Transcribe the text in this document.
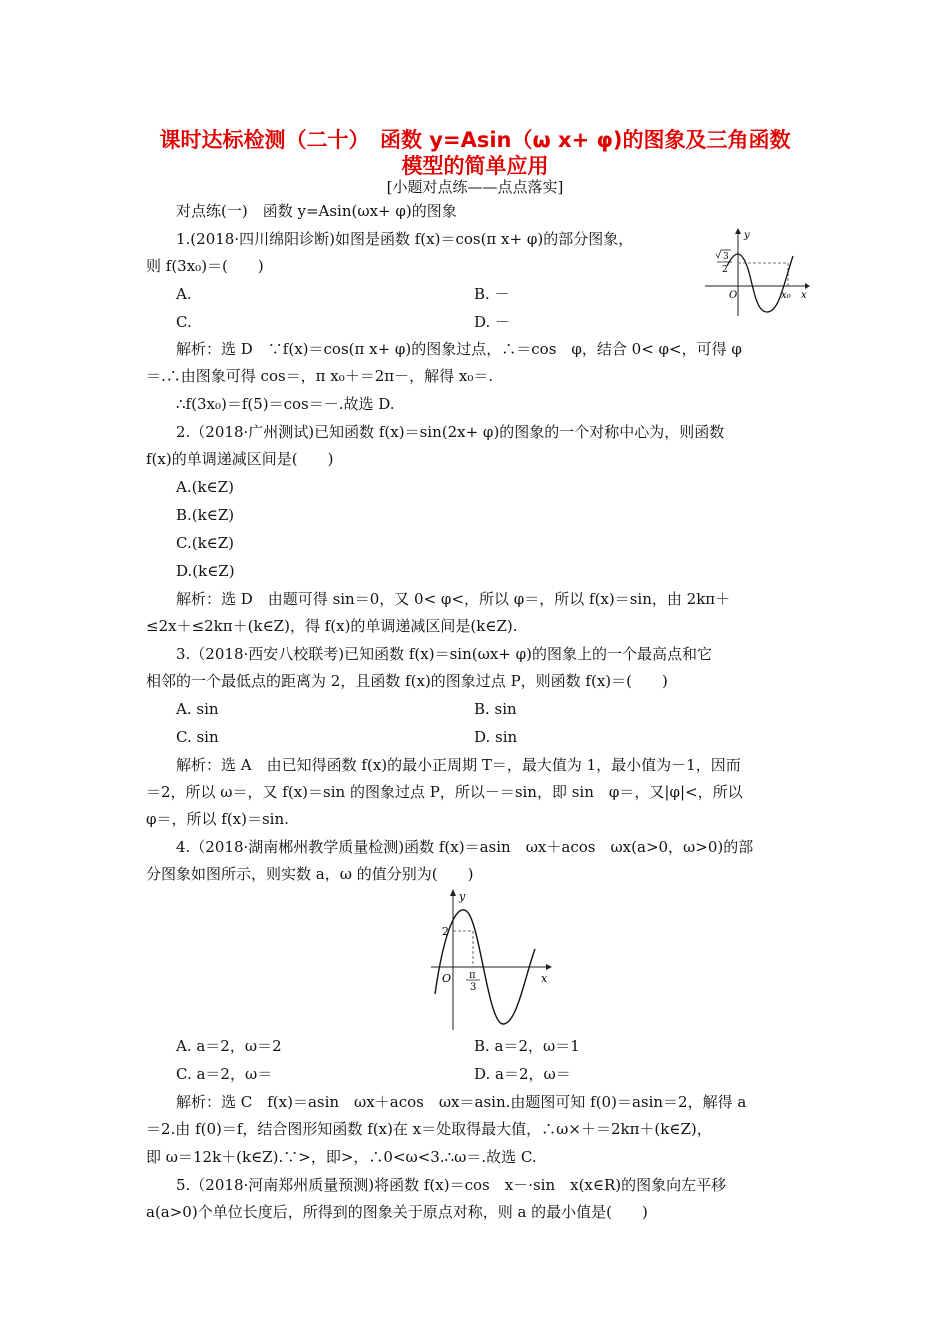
课时达标检测（二十）　函数 y=Asin（ω x+ φ)的图象及三角函数
模型的简单应用
[小题对点练——点点落实]
对点练(一)　函数 y=Asin(ωx+ φ)的图象
1.(2018·四川绵阳诊断)如图是函数 f(x)＝cos(π x+ φ)的部分图象，
则 f(3x₀)＝(　　)
A.	B. －
C.	D. －
y
x
O
3
2
x₀
解析：选 D　∵f(x)＝cos(π x+ φ)的图象过点，∴＝cos　φ，结合 0< φ<，可得 φ
＝.∴由图象可得 cos＝，π x₀＋＝2π－，解得 x₀＝.
∴f(3x₀)＝f(5)＝cos＝－.故选 D.
2.（2018·广州测试)已知函数 f(x)＝sin(2x+ φ)的图象的一个对称中心为，则函数
f(x)的单调递减区间是(　　)
A.(k∈Z)
B.(k∈Z)
C.(k∈Z)
D.(k∈Z)
解析：选 D　由题可得 sin＝0，又 0< φ<，所以 φ＝，所以 f(x)＝sin，由 2kπ＋
≤2x＋≤2kπ＋(k∈Z)，得 f(x)的单调递减区间是(k∈Z).
3.（2018·西安八校联考)已知函数 f(x)＝sin(ωx+ φ)的图象上的一个最高点和它
相邻的一个最低点的距离为 2，且函数 f(x)的图象过点 P，则函数 f(x)＝(　　)
A. sin	B. sin
C. sin	D. sin
解析：选 A　由已知得函数 f(x)的最小正周期 T＝，最大值为 1，最小值为－1，因而
＝2，所以 ω＝，又 f(x)＝sin 的图象过点 P，所以－＝sin，即 sin　φ＝，又|φ|<，所以
φ＝，所以 f(x)＝sin.
4.（2018·湖南郴州教学质量检测)函数 f(x)＝asin　ωx＋acos　ωx(a>0，ω>0)的部
分图象如图所示，则实数 a，ω 的值分别为(　　)
y
x
O
2
π
3
A. a＝2，ω＝2	B. a＝2，ω＝1
C. a＝2，ω＝	D. a＝2，ω＝
解析：选 C　f(x)＝asin　ωx＋acos　ωx＝asin.由题图可知 f(0)＝asin＝2，解得 a
＝2.由 f(0)＝f，结合图形知函数 f(x)在 x＝处取得最大值，∴ω×＋＝2kπ＋(k∈Z)，
即 ω＝12k＋(k∈Z).∵>，即>，∴0<ω<3.∴ω＝.故选 C.
5.（2018·河南郑州质量预测)将函数 f(x)＝cos　x－·sin　x(x∈R)的图象向左平移
a(a>0)个单位长度后，所得到的图象关于原点对称，则 a 的最小值是(　　)
